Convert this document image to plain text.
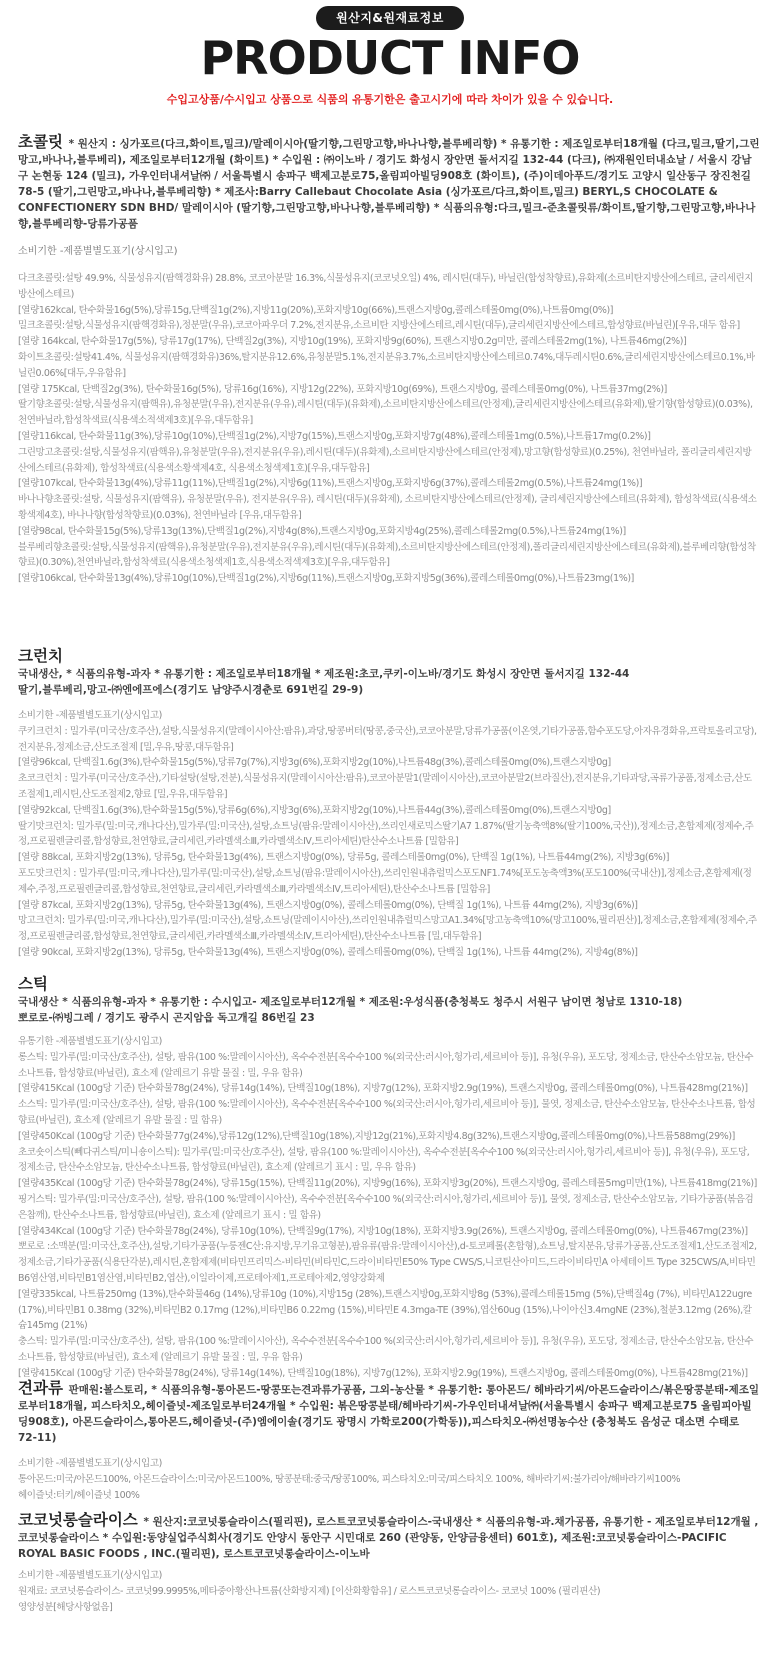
원산지&원재료정보
PRODUCT INFO
수입고상품/수시입고 상품으로 식품의 유통기한은 출고시기에 따라 차이가 있을 수 있습니다.
초콜릿 * 원산지 : 싱가포르(다크,화이트,밀크)/말레이시아(딸기향,그린망고향,바나나향,블루베리향) * 유통기한 : 제조일로부터18개월 (다크,밀크,딸기,그린망고,바나나,블루베리), 제조일로부터12개월 (화이트) * 수입원 : ㈜이노바 / 경기도 화성시 장안면 돌서지길 132-44 (다크), ㈜재원인터내쇼날 / 서울시 강남구 논현동 124 (밀크), 가우인터내셔날㈜ / 서울특별시 송파구 백제고분로75,올림피아빌딩908호 (화이트), (주)이데아푸드/경기도 고양시 일산동구 장진천길 78-5 (딸기,그린망고,바나나,블루베리향) * 제조사:Barry Callebaut Chocolate Asia (싱가포르/다크,화이트,밀크) BERYL,S CHOCOLATE & CONFECTIONERY SDN BHD/ 말레이시아 (딸기향,그린망고향,바나나향,블루베리향) * 식품의유형:다크,밀크-준초콜릿류/화이트,딸기향,그린망고향,바나나향,블루베리향-당류가공품
소비기한 -제품별별도표기(상시입고)
다크초콜릿:설탕 49.9%, 식물성유지(팜핵경화유) 28.8%, 코코아분말 16.3%,식물성유지(코코넛오일) 4%, 레시틴(대두), 바닐린(합성착향료),유화제(소르비탄지방산에스테르, 글리세린지방산에스테르)
[열량162kcal, 탄수화물16g(5%),당류15g,단백질1g(2%),지방11g(20%),포화지방10g(66%),트랜스지방0g,콜레스테롤0mg(0%),나트륨0mg(0%)]
밀크초콜릿:설탕,식물성유지(팜핵경화유),정분말(우유),코코아파우더 7.2%,전지분유,소르비탄 지방산에스테르,레시틴(대두),글리세린지방산에스테르,합성향료(바닐린)[우유,대두 함유]
[열량 164kcal, 탄수화물17g(5%), 당류17g(17%), 단백질2g(3%), 지방10g(19%), 포화지방9g(60%), 트랜스지방0.2g미만, 콜레스테롤2mg(1%), 나트륨46mg(2%)]
화이트초콜릿:설탕41.4%, 식물성유지(팜핵경화유)36%,탈지분유12.6%,유청분말5.1%,전지분유3.7%,소르비탄지방산에스테르0.74%,대두레시틴0.6%,글리세린지방산에스테르0.1%,바닐린0.06%[대두,우유함유]
[열량 175Kcal, 단백질2g(3%), 탄수화물16g(5%), 당류16g(16%), 지방12g(22%), 포화지방10g(69%), 트랜스지방0g, 콜레스테롤0mg(0%), 나트륨37mg(2%)]
딸기향초콜릿:설탕,식물성유지(팜핵유),유청분말(우유),전지분유(우유),레시틴(대두)(유화제),소르비탄지방산에스테르(안정제),글리세린지방산에스테르(유화제),딸기향(합성향료)(0.03%),천연바닐라,합성착색료(식용색소적색제3호)[우유,대두함유]
[열량116kcal, 탄수화물11g(3%),당류10g(10%),단백질1g(2%),지방7g(15%),트랜스지방0g,포화지방7g(48%),콜레스테롤1mg(0.5%),나트륨17mg(0.2%)]
그린망고초콜릿:설탕,식물성유지(팜핵유),유청분말(우유),전지분유(우유),레시틴(대두)(유화제),소르비탄지방산에스테르(안정제),망고향(합성향료)(0.25%), 천연바닐라, 폴리글리세린지방산에스테르(유화제), 합성착색료(식용색소황색제4호, 식용색소청색제1호)[우유,대두함유]
[열량107kcal, 탄수화물13g(4%),당류11g(11%),단백질1g(2%),지방6g(11%),트랜스지방0g,포화지방6g(37%),콜레스테롤2mg(0.5%),나트륨24mg(1%)]
바나나향초콜릿:설탕, 식물성유지(팜핵유), 유청분말(우유), 전지분유(우유), 레시틴(대두)(유화제), 소르비탄지방산에스테르(안정제), 글리세린지방산에스테르(유화제), 합성착색료(식용색소황색제4호), 바나나향(합성착향료)(0.03%), 천연바닐라 [우유,대두함유]
[열량98cal, 탄수화물15g(5%),당류13g(13%),단백질1g(2%),지방4g(8%),트랜스지방0g,포화지방4g(25%),콜레스테롤2mg(0.5%),나트륨24mg(1%)]
블루베리향초콜릿:설탕,식물성유지(팜핵유),유청분말(우유),전지분유(우유),레시틴(대두)(유화제),소르비탄지방산에스테르(안정제),폴리글리세린지방산에스테르(유화제),블루베리향(합성착향료)(0.30%),천연바닐라,합성착색료(식용색소청색제1호,식용색소적색제3호)[우유,대두함유]
[열량106kcal, 탄수화물13g(4%),당류10g(10%),단백질1g(2%),지방6g(11%),트랜스지방0g,포화지방5g(36%),콜레스테롤0mg(0%),나트륨23mg(1%)]

크런치
국내생산, * 식품의유형-과자 * 유통기한 : 제조일로부터18개월 * 제조원:초코,쿠키-이노바/경기도 화성시 장안면 돌서지길 132-44
딸기,블루베리,망고-㈜엔에프에스(경기도 남양주시경춘로 691번길 29-9)

소비기한 -제품별별도표기(상시입고)
쿠키크런치 : 밀가루(미국산/호주산),설탕,식물성유지(말레이시아산:팜유),과당,땅콩버터(땅콩,중국산),코코아분말,당류가공품(이온엿,기타가공품,함수포도당,아자유경화유,프락토올리고당),전지분유,정제소금,산도조절제 [밀,우유,땅콩,대두함유]
[열량96kcal, 단백질1.6g(3%),탄수화물15g(5%),당류7g(7%),지방3g(6%),포화지방2g(10%),나트륨48g(3%),콜레스테롤0mg(0%),트랜스지방0g]
초코크런치 : 밀가루(미국산/호주산),기타설탕(설탕,전분),식물성유지(말레이시아산:팜유),코코아분말1(말레이시아산),코코아분말2(브라질산),전지분유,기타과당,곡류가공품,정제소금,산도조절제1,레시틴,산도조절제2,향료 [밀,우유,대두함유]
[열량92kcal, 단백질1.6g(3%),탄수화물15g(5%),당류6g(6%),지방3g(6%),포화지방2g(10%),나트륨44g(3%),콜레스테롤0mg(0%),트랜스지방0g]
딸기맛크런치: 밀가루(밀:미국,캐나다산),밀가루(밀:미국산),설탕,쇼트닝(팜유:말레이시아산),쓰리인새로믹스딸기A7 1.87%(딸기농축액8%(딸기100%,국산)),정제소금,혼합제제(정제수,주정,프로필렌글리콜,합성향료,천연향료,글리세린,카라멜색소Ⅲ,카라멜색소Ⅳ,트리아세틴)탄산수소나트륨 [밀함유]
[열량 88kcal, 포화지방2g(13%), 당류5g, 탄수화물13g(4%), 트랜스지방0g(0%), 당류5g, 콜레스테롤0mg(0%), 단백질 1g(1%), 나트륨44mg(2%), 지방3g(6%)]
포도맛크런치 : 밀가루(밀:미국,캐나다산),밀가루(밀:미국산),설탕,쇼트닝(팜유:말레이시아산),쓰리인원내츄럴믹스포도NF1.74%[포도농축액3%(포도100%(국내산)],정제소금,혼합제제(정제수,주정,프로필렌글리콜,합성향료,천연향료,글리세린,카라멜색소Ⅲ,카라멜색소Ⅳ,트리아세틴),탄산수소나트륨 [밀함유]
[열량 87kcal, 포화지방2g(13%), 당류5g, 탄수화물13g(4%), 트랜스지방0g(0%), 콜레스테롤0mg(0%), 단백질 1g(1%), 나트륨 44mg(2%), 지방3g(6%)]
망고크런치: 밀가루(밀:미국,캐나다산),밀가루(밀:미국산),설탕,쇼트닝(말레이시아산),쓰리인원내츄럴믹스망고A1.34%[망고농축액10%(망고100%,필리핀산)],정제소금,혼합제제(정제수,주정,프로필렌글리콜,합성향료,천연향료,글리세린,카라멜색소Ⅲ,카라멜색소Ⅳ,트리아세틴),탄산수소나트륨 [밀,대두함유]
[열량 90kcal, 포화지방2g(13%), 당류5g, 탄수화물13g(4%), 트랜스지방0g(0%), 콜레스테롤0mg(0%), 단백질 1g(1%), 나트륨 44mg(2%), 지방4g(8%)]

스틱
국내생산 * 식품의유형-과자 * 유통기한 : 수시입고- 제조일로부터12개월 * 제조원:우성식품(충청북도 청주시 서원구 남이면 청남로 1310-18)
뽀로로-㈜빙그레 / 경기도 광주시 곤지암읍 독고개길 86번길 23

유통기한 -제품별별도표기(상시입고)
롱스틱: 밀가루(밀:미국산/호주산), 설탕, 팜유(100 %:말레이시아산), 옥수수전분[옥수수100 %(외국산:러시아,헝가리,세르비아 등)], 유청(우유), 포도당, 정제소금, 탄산수소암모늄, 탄산수소나트륨, 합성향료(바닐린), 효소제 (알레르기 유발 물질 : 밀, 우유 함유)
[열량415Kcal (100g당 기준) 탄수화물78g(24%), 당류14g(14%), 단백질10g(18%), 지방7g(12%), 포화지방2.9g(19%), 트랜스지방0g, 콜레스테롤0mg(0%), 나트륨428mg(21%)]
소스틱: 밀가루(밀:미국산/호주산), 설탕, 팜유(100 %:말레이시아산), 옥수수전분[옥수수100 %(외국산:러시아,헝가리,세르비아 등)], 물엿, 정제소금, 탄산수소암모늄, 탄산수소나트륨, 합성향료(바닐린), 효소제 (알레르기 유발 물질 : 밀 함유)
[열량450Kcal (100g당 기준) 탄수화물77g(24%),당류12g(12%),단백질10g(18%),지방12g(21%),포화지방4.8g(32%),트랜스지방0g,콜레스테롤0mg(0%),나트륨588mg(29%)]
초코숏이스틱(뻬다귀스틱/미니숑이스틱): 밀가루(밀:미국산/호주산), 설탕, 팜유(100 %:말레이시아산), 옥수수전분[옥수수100 %(외국산:러시아,헝가리,세르비아 등)], 유청(우유), 포도당, 정제소금, 탄산수소암모늄, 탄산수소나트륨, 합성향료(바닐린), 효소제 (알레르기 표시 : 밀, 우유 함유)
[열량435Kcal (100g당 기준) 탄수화물78g(24%), 당류15g(15%), 단백질11g(20%), 지방9g(16%), 포화지방3g(20%), 트랜스지방0g, 콜레스테롤5mg미만(1%), 나트륨418mg(21%)]
핑거스틱: 밀가루(밀:미국산/호주산), 설탕, 팜유(100 %:말레이시아산), 옥수수전분[옥수수100 %(외국산:러시아,헝가리,세르비아 등)], 물엿, 정제소금, 탄산수소암모늄, 기타가공품(볶음검은참깨), 탄산수소나트륨, 합성향료(바닐린), 효소제 (알레르기 표시 : 밀 함유)
[열량434Kcal (100g당 기준) 탄수화물78g(24%), 당류10g(10%), 단백질9g(17%), 지방10g(18%), 포화지방3.9g(26%), 트랜스지방0g, 콜레스테롤0mg(0%), 나트륨467mg(23%)]
뽀로로 :소맥분(밀:미국산,호주산),설탕,기타가공품(누룽젠C산:유지방,무기유고형분),팜유류(팜유:말레이시아산),d-토코페롤(혼합형),쇼트닝,탈지분유,당류가공품,산도조절제1,산도조절제2,정제소금,기타가공품(식용단각분),레시틴,혼합제제(비타민프리믹스-비타민(비타민C,드라이비타민E50% Type CWS/S,니코틴산아미드,드라이비타민A 아세테이트 Type 325CWS/A,비타민B6염산염,비타민B1염산염,비타민B2,엽산),이일라이제,프로테아제1,프로테아제2,영양강화제
[열량335kcal, 나트륨250mg (13%),탄수화물46g (14%),당류10g (10%),지방15g (28%),트랜스지방0g,포화지방8g (53%),콜레스테롤15mg (5%),단백질4g (7%), 비타민A122ugre (17%),비타민B1 0.38mg (32%),비타민B2 0.17mg (12%),비타민B6 0.22mg (15%),비타민E 4.3mga-TE (39%),엽산60ug (15%),나이아신3.4mgNE (23%),철분3.12mg (26%),칼슘145mg (21%)
충스틱: 밀가루(밀:미국산/호주산), 설탕, 팜유(100 %:말레이시아산), 옥수수전분[옥수수100 %(외국산:러시아,헝가리,세르비아 등)], 유청(우유), 포도당, 정제소금, 탄산수소암모늄, 탄산수소나트륨, 합성향료(바닐린), 효소제 (알레르기 유발 물질 : 밀, 우유 함유)
[열량415Kcal (100g당 기준) 탄수화물78g(24%), 당류14g(14%), 단백질10g(18%), 지방7g(12%), 포화지방2.9g(19%), 트랜스지방0g, 콜레스테롤0mg(0%), 나트륨428mg(21%)]
견과류 판매원:볼스토리, * 식품의유형-통아몬드-땅콩또는견과류가공품, 그외-농산물 * 유통기한: 통아몬드/ 헤바라기씨/아몬드슬라이스/볶은땅콩분태-제조일로부터18개월, 피스타치오,헤이즐넛-제조일로부터24개월 * 수입원: 볶은땅콩분태/헤바라기씨-가우인터내셔날㈜(서울특별시 송파구 백제고분로75 올림피아빌딩908호), 아몬드슬라이스,통아몬드,헤이즐넛-(주)엠에이솔(경기도 광명시 가학로200(가학동)),피스타치오-㈜선명농수산 (충청북도 음성군 대소면 수태로 72-11)
소비기한 -제품별별도표기(상시입고)
통아몬드:미국/아몬드100%, 아몬드슬라이스:미국/아몬드100%, 땅콩분태:중국/땅콩100%, 피스타치오:미국/피스타치오 100%, 해바라기씨:불가리아/해바라기씨100%
헤이즐넛:터키/헤이즐넛 100%
코코넛롱슬라이스 * 원산지:코코넛롱슬라이스(필리핀), 로스트코코넛롱슬라이스-국내생산 * 식품의유형-과.채가공품, 유통기한 - 제조일로부터12개월 , 코코넛롱슬라이스 * 수입원:동양실업주식회사(경기도 안양시 동안구 시민대로 260 (관양동, 안양금융센터) 601호), 제조원:코코넛롱슬라이스-PACIFIC ROYAL BASIC FOODS , INC.(필리핀), 로스트코코넛롱슬라이스-이노바
소비기한 -제품별별도표기(상시입고)
원재료: 코코넛롱슬라이스- 코코넛99.9995%,메타중아황산나트륨(산화방지제) [이산화황함유] / 로스트코코넛롱슬라이스- 코코넛 100% (필리핀산)
영양성분[해당사항없음]
